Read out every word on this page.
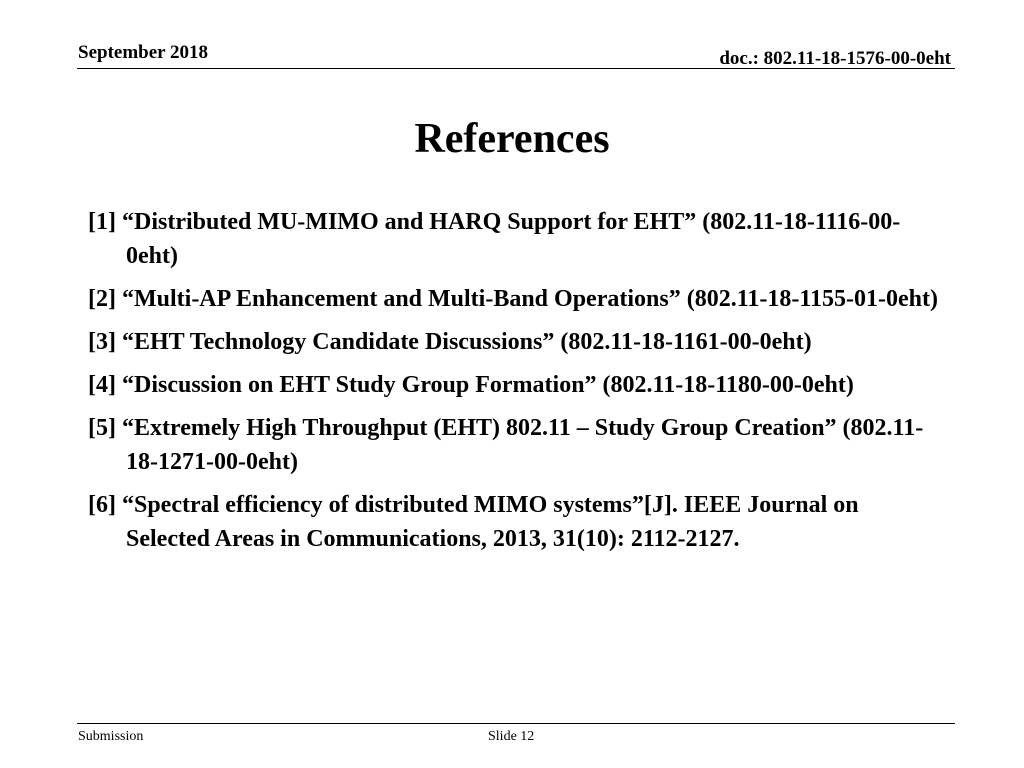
September 2018	doc.: 802.11-18-1576-00-0eht
References
[1] “Distributed MU-MIMO and HARQ Support for EHT” (802.11-18-1116-00-0eht)
[2] “Multi-AP Enhancement and Multi-Band Operations” (802.11-18-1155-01-0eht)
[3] “EHT Technology Candidate Discussions” (802.11-18-1161-00-0eht)
[4] “Discussion on EHT Study Group Formation” (802.11-18-1180-00-0eht)
[5] “Extremely High Throughput (EHT) 802.11 – Study Group Creation” (802.11-18-1271-00-0eht)
[6] “Spectral efficiency of distributed MIMO systems”[J]. IEEE Journal on Selected Areas in Communications, 2013, 31(10): 2112-2127.
Submission	Slide 12
